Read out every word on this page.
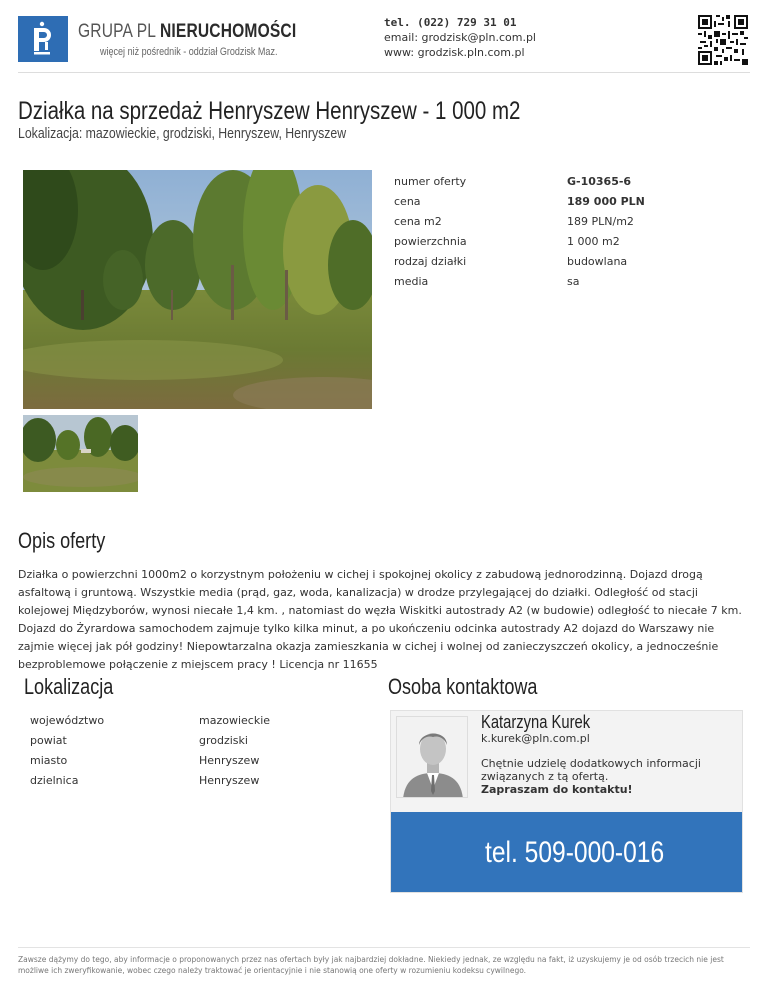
GRUPA PL NIERUCHOMOŚCI
więcej niż pośrednik - oddział Grodzisk Maz.
tel. (022) 729 31 01
email: grodzisk@pln.com.pl
www: grodzisk.pln.com.pl
Działka na sprzedaż Henryszew Henryszew - 1 000 m2
Lokalizacja: mazowieckie, grodziski, Henryszew, Henryszew
numer oferty	G-10365-6
cena	189 000 PLN
cena m2	189 PLN/m2
powierzchnia	1 000 m2
rodzaj działki	budowlana
media	sa
Opis oferty

Działka o powierzchni 1000m2 o korzystnym położeniu w cichej i spokojnej okolicy z zabudową jednorodzinną. Dojazd drogą asfaltową i gruntową. Wszystkie media (prąd, gaz, woda, kanalizacja) w drodze przylegającej do działki. Odległość od stacji kolejowej Międzyborów, wynosi niecałe 1,4 km. , natomiast do węzła Wiskitki autostrady A2 (w budowie) odległość to niecałe 7 km. Dojazd do Żyrardowa samochodem zajmuje tylko kilka minut, a po ukończeniu odcinka autostrady A2 dojazd do Warszawy nie zajmie więcej jak pół godziny! Niepowtarzalna okazja zamieszkania w cichej i wolnej od zanieczyszczeń okolicy, a jednocześnie bezproblemowe połączenie z miejscem pracy ! Licencja nr 11655

Lokalizacja
województwo	mazowieckie
powiat	grodziski
miasto	Henryszew
dzielnica	Henryszew
Osoba kontaktowa
Katarzyna Kurek
k.kurek@pln.com.pl
Chętnie udzielę dodatkowych informacji związanych z tą ofertą.
Zapraszam do kontaktu!
tel. 509-000-016

Zawsze dążymy do tego, aby informacje o proponowanych przez nas ofertach były jak najbardziej dokładne. Niekiedy jednak, ze względu na fakt, iż uzyskujemy je od osób trzecich nie jest możliwe ich zweryfikowanie, wobec czego należy traktować je orientacyjnie i nie stanowią one oferty w rozumieniu kodeksu cywilnego.
